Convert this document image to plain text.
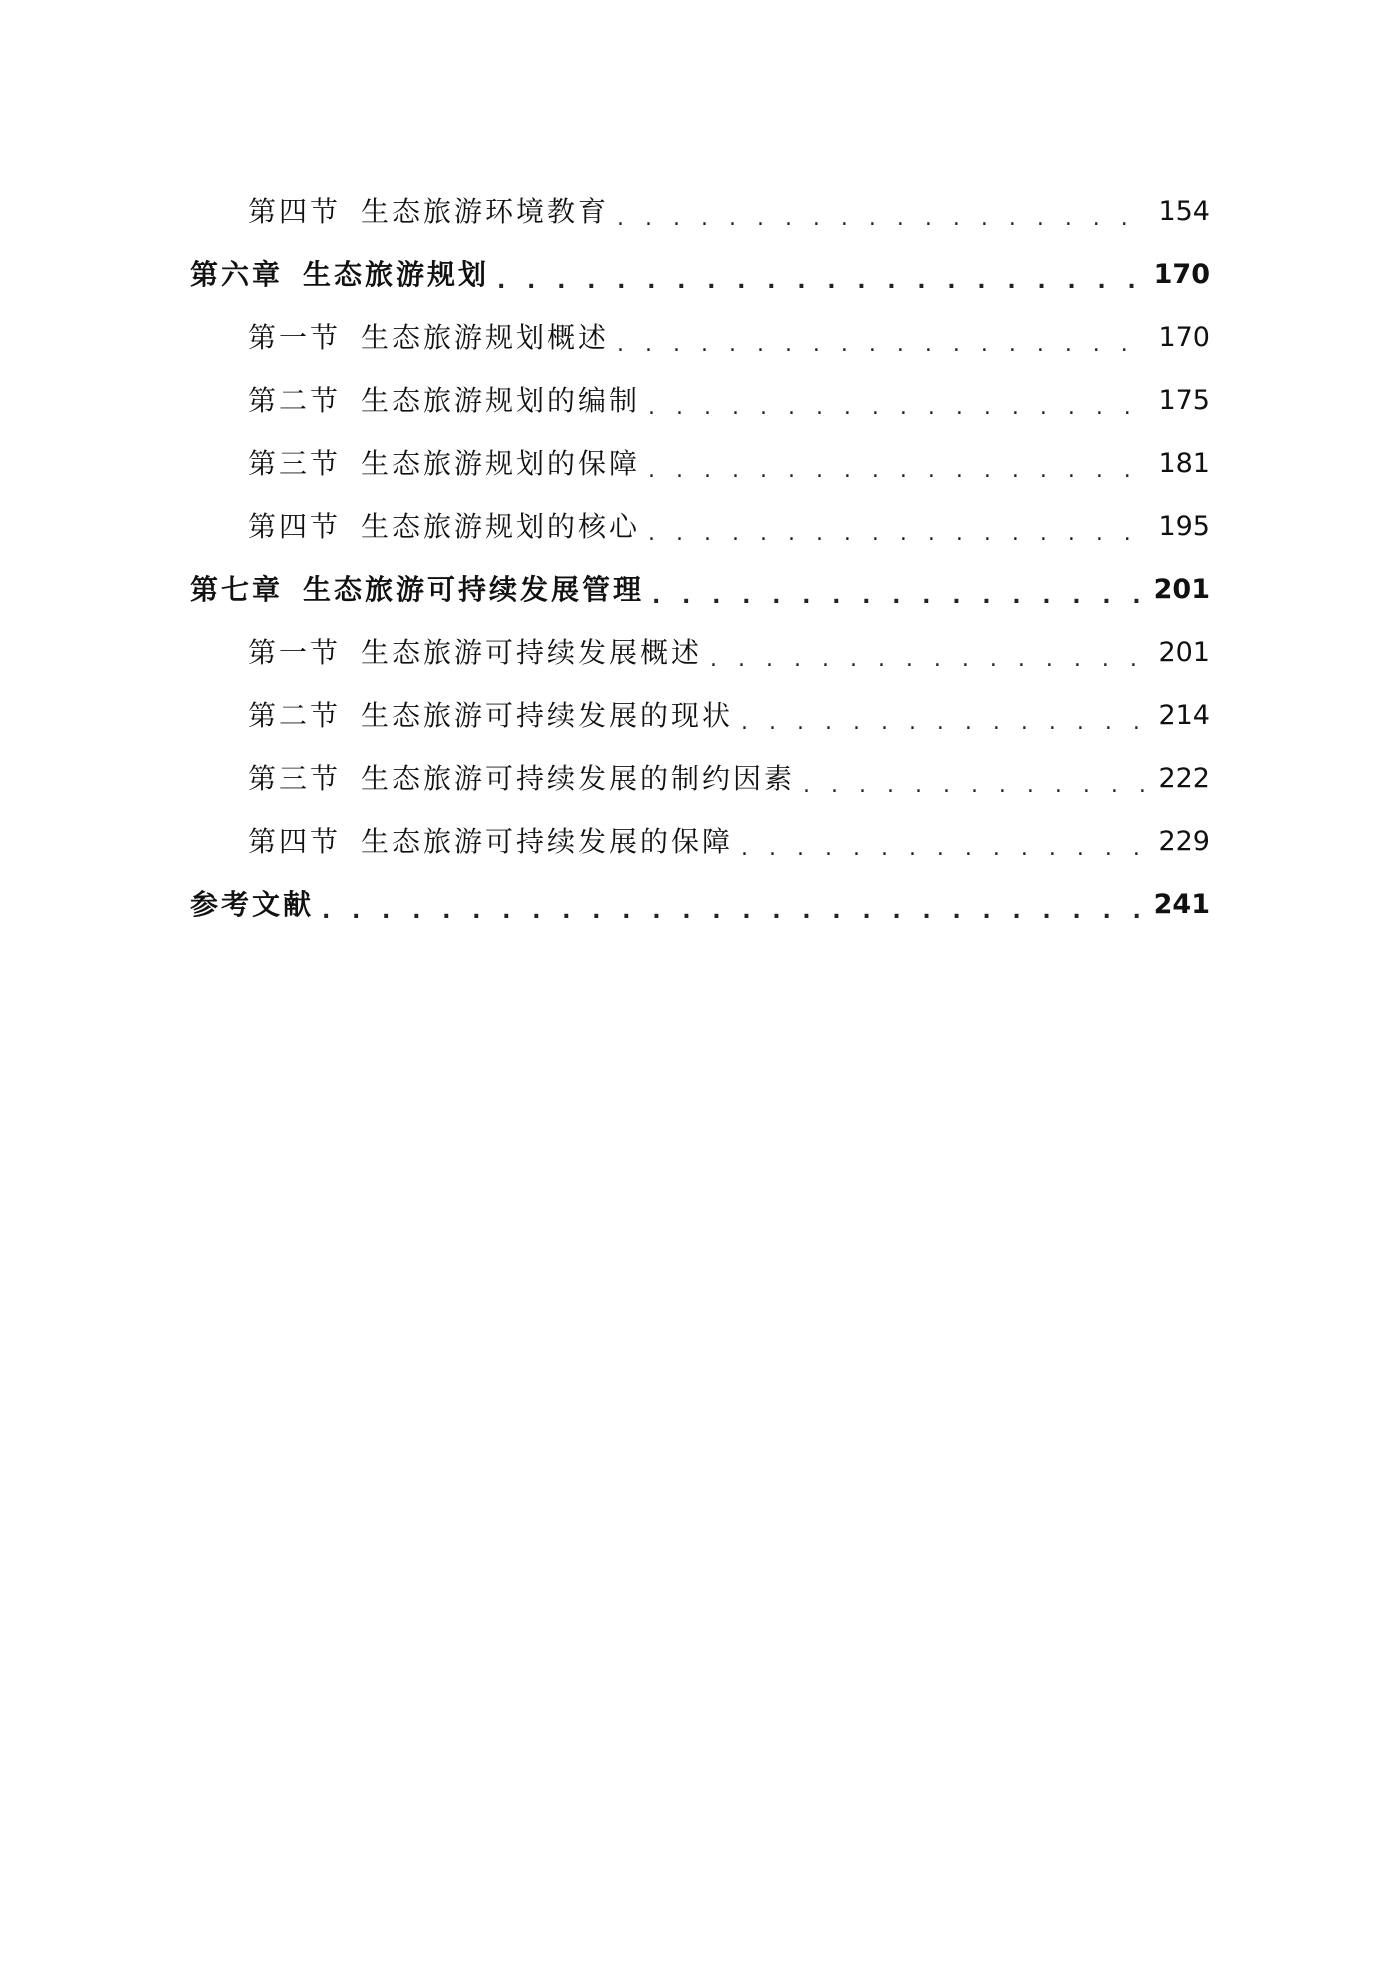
第四节 生态旅游环境教育 . . .	154
第六章 生态旅游规划 . . .	170
第一节 生态旅游规划概述 . . .	170
第二节 生态旅游规划的编制 . . .	175
第三节 生态旅游规划的保障 . . .	181
第四节 生态旅游规划的核心 . . .	195
第七章 生态旅游可持续发展管理 . . .	201
第一节 生态旅游可持续发展概述 . . .	201
第二节 生态旅游可持续发展的现状 . . .	214
第三节 生态旅游可持续发展的制约因素 . . .	222
第四节 生态旅游可持续发展的保障 . . .	229
参考文献 . . .	241
